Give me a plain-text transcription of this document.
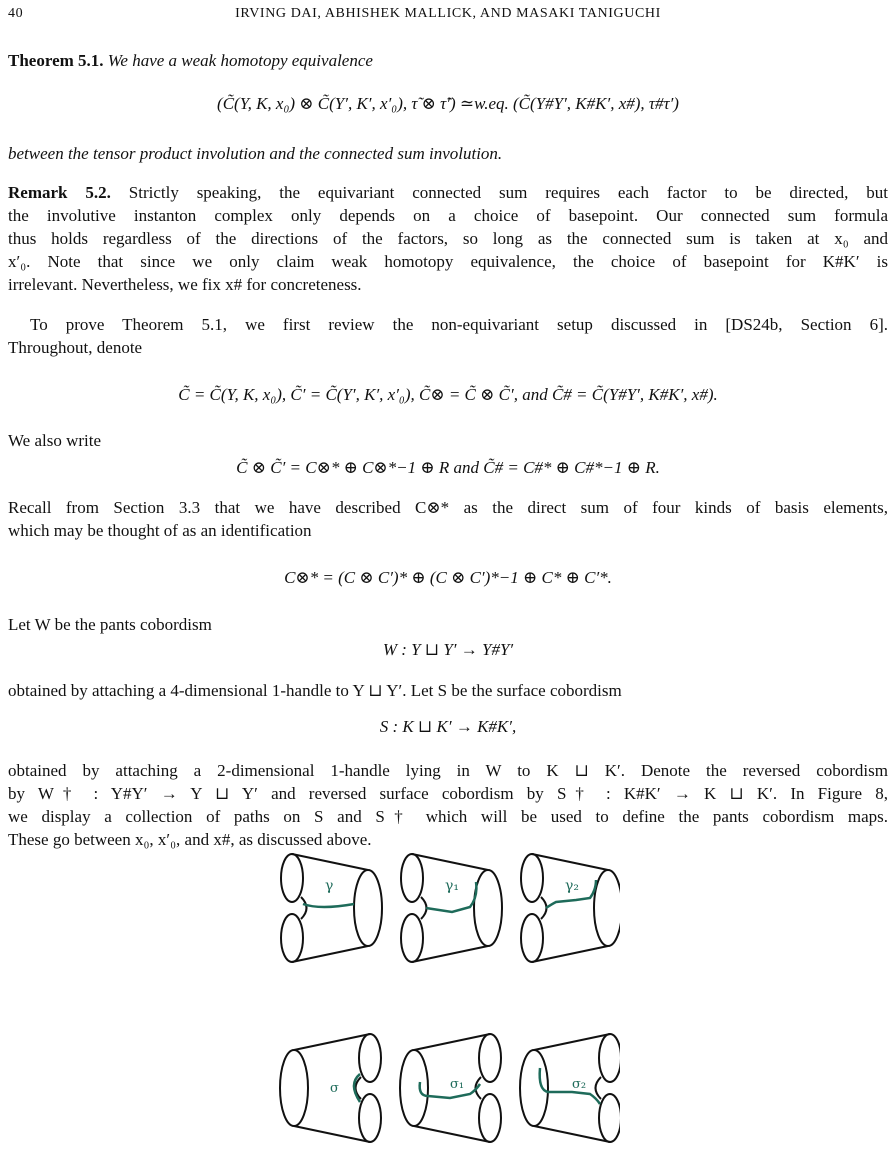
40	IRVING DAI, ABHISHEK MALLICK, AND MASAKI TANIGUCHI
Theorem 5.1. We have a weak homotopy equivalence
(C̃(Y, K, x₀) ⊗ C̃(Y′, K′, x′₀), τ̃ ⊗ τ̃′) ≃w.eq. (C̃(Y#Y′, K#K′, x#), τ#τ′)
between the tensor product involution and the connected sum involution.
Remark 5.2. Strictly speaking, the equivariant connected sum requires each factor to be directed, but
the involutive instanton complex only depends on a choice of basepoint. Our connected sum formula
thus holds regardless of the directions of the factors, so long as the connected sum is taken at x₀ and
x′₀. Note that since we only claim weak homotopy equivalence, the choice of basepoint for K#K′ is
irrelevant. Nevertheless, we fix x# for concreteness.
To prove Theorem 5.1, we first review the non-equivariant setup discussed in [DS24b, Section 6].
Throughout, denote
C̃ = C̃(Y, K, x₀), C̃′ = C̃(Y′, K′, x′₀), C̃⊗ = C̃ ⊗ C̃′, and C̃# = C̃(Y#Y′, K#K′, x#).
We also write
C̃ ⊗ C̃′ = C⊗* ⊕ C⊗*−1 ⊕ R and C̃# = C#* ⊕ C#*−1 ⊕ R.
Recall from Section 3.3 that we have described C⊗* as the direct sum of four kinds of basis elements,
which may be thought of as an identification
C⊗* = (C ⊗ C′)* ⊕ (C ⊗ C′)*−1 ⊕ C* ⊕ C′*.
Let W be the pants cobordism
W : Y ⊔ Y′ → Y#Y′
obtained by attaching a 4-dimensional 1-handle to Y ⊔ Y′. Let S be the surface cobordism
S : K ⊔ K′ → K#K′,
obtained by attaching a 2-dimensional 1-handle lying in W to K ⊔ K′. Denote the reversed cobordism
by W† : Y#Y′ → Y ⊔ Y′ and reversed surface cobordism by S† : K#K′ → K ⊔ K′. In Figure 8,
we display a collection of paths on S and S† which will be used to define the pants cobordism maps.
These go between x₀, x′₀, and x#, as discussed above.
γ	γ₁	γ₂
σ	σ₁	σ₂
